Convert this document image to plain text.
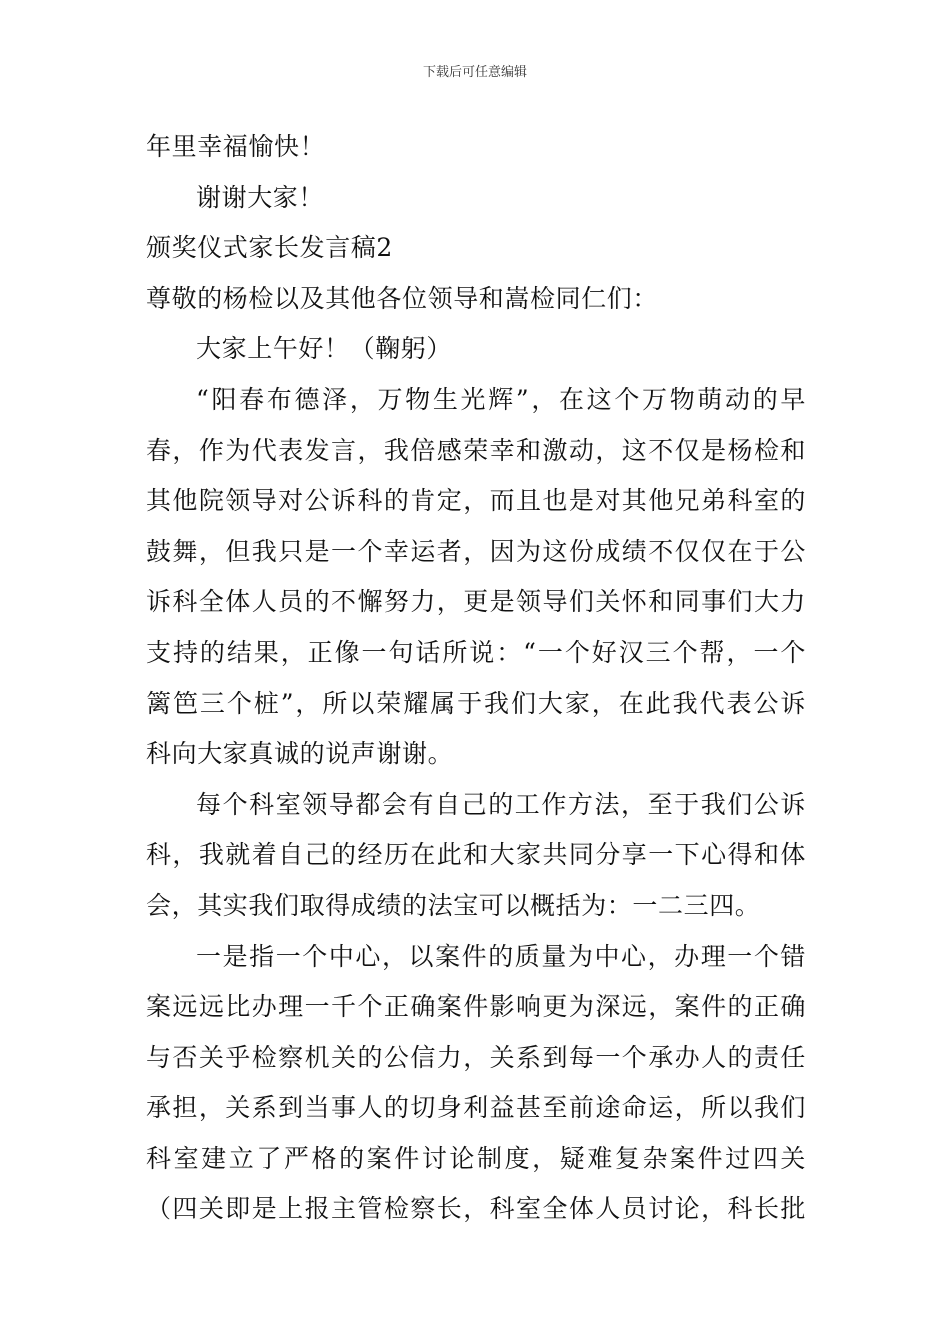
下载后可任意编辑
年里幸福愉快！
谢谢大家！
颁奖仪式家长发言稿2
尊敬的杨检以及其他各位领导和嵩检同仁们：
大家上午好！（鞠躬）
“阳春布德泽，万物生光辉”，在这个万物萌动的早
春，作为代表发言，我倍感荣幸和激动，这不仅是杨检和
其他院领导对公诉科的肯定，而且也是对其他兄弟科室的
鼓舞，但我只是一个幸运者，因为这份成绩不仅仅在于公
诉科全体人员的不懈努力，更是领导们关怀和同事们大力
支持的结果，正像一句话所说：“一个好汉三个帮，一个
篱笆三个桩”，所以荣耀属于我们大家，在此我代表公诉
科向大家真诚的说声谢谢。
每个科室领导都会有自己的工作方法，至于我们公诉
科，我就着自己的经历在此和大家共同分享一下心得和体
会，其实我们取得成绩的法宝可以概括为：一二三四。
一是指一个中心，以案件的质量为中心，办理一个错
案远远比办理一千个正确案件影响更为深远，案件的正确
与否关乎检察机关的公信力，关系到每一个承办人的责任
承担，关系到当事人的切身利益甚至前途命运，所以我们
科室建立了严格的案件讨论制度，疑难复杂案件过四关
（四关即是上报主管检察长，科室全体人员讨论，科长批
